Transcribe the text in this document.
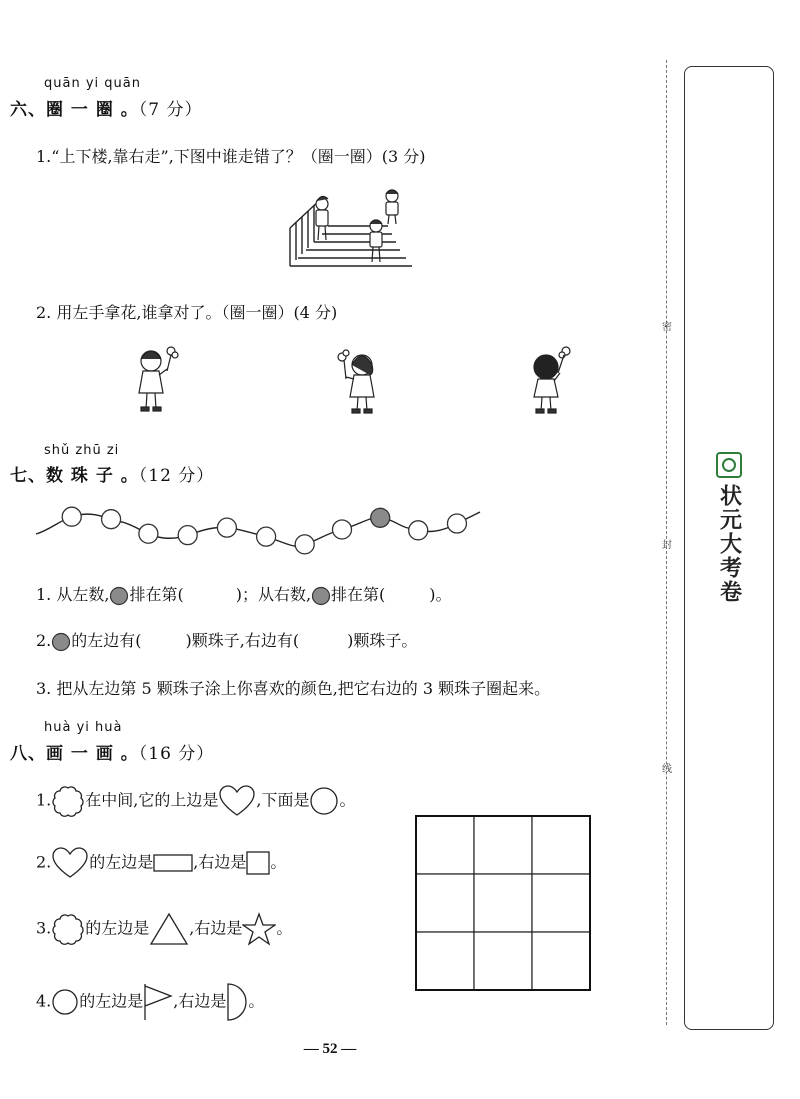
quān yi quān
六、圈 一 圈 。（7 分）
1.“上下楼,靠右走”,下图中谁走错了？（圈一圈）(3 分)
2. 用左手拿花,谁拿对了。（圈一圈）(4 分)
shǔ zhū zi
七、数 珠 子 。（12 分）
1. 从左数, 排在第(	)；从右数, 排在第(	)。
2. 的左边有(	)颗珠子,右边有(	)颗珠子。
3. 把从左边第 5 颗珠子涂上你喜欢的颜色,把它右边的 3 颗珠子圈起来。
huà yi huà
八、画 一 画 。（16 分）
1. 在中间,它的上边是 ,下面是 。
2. 的左边是	,右边是 。
3. 的左边是	,右边是 。
4. 的左边是 ,右边是 。
— 52 —
密
封
线
状元大考卷
